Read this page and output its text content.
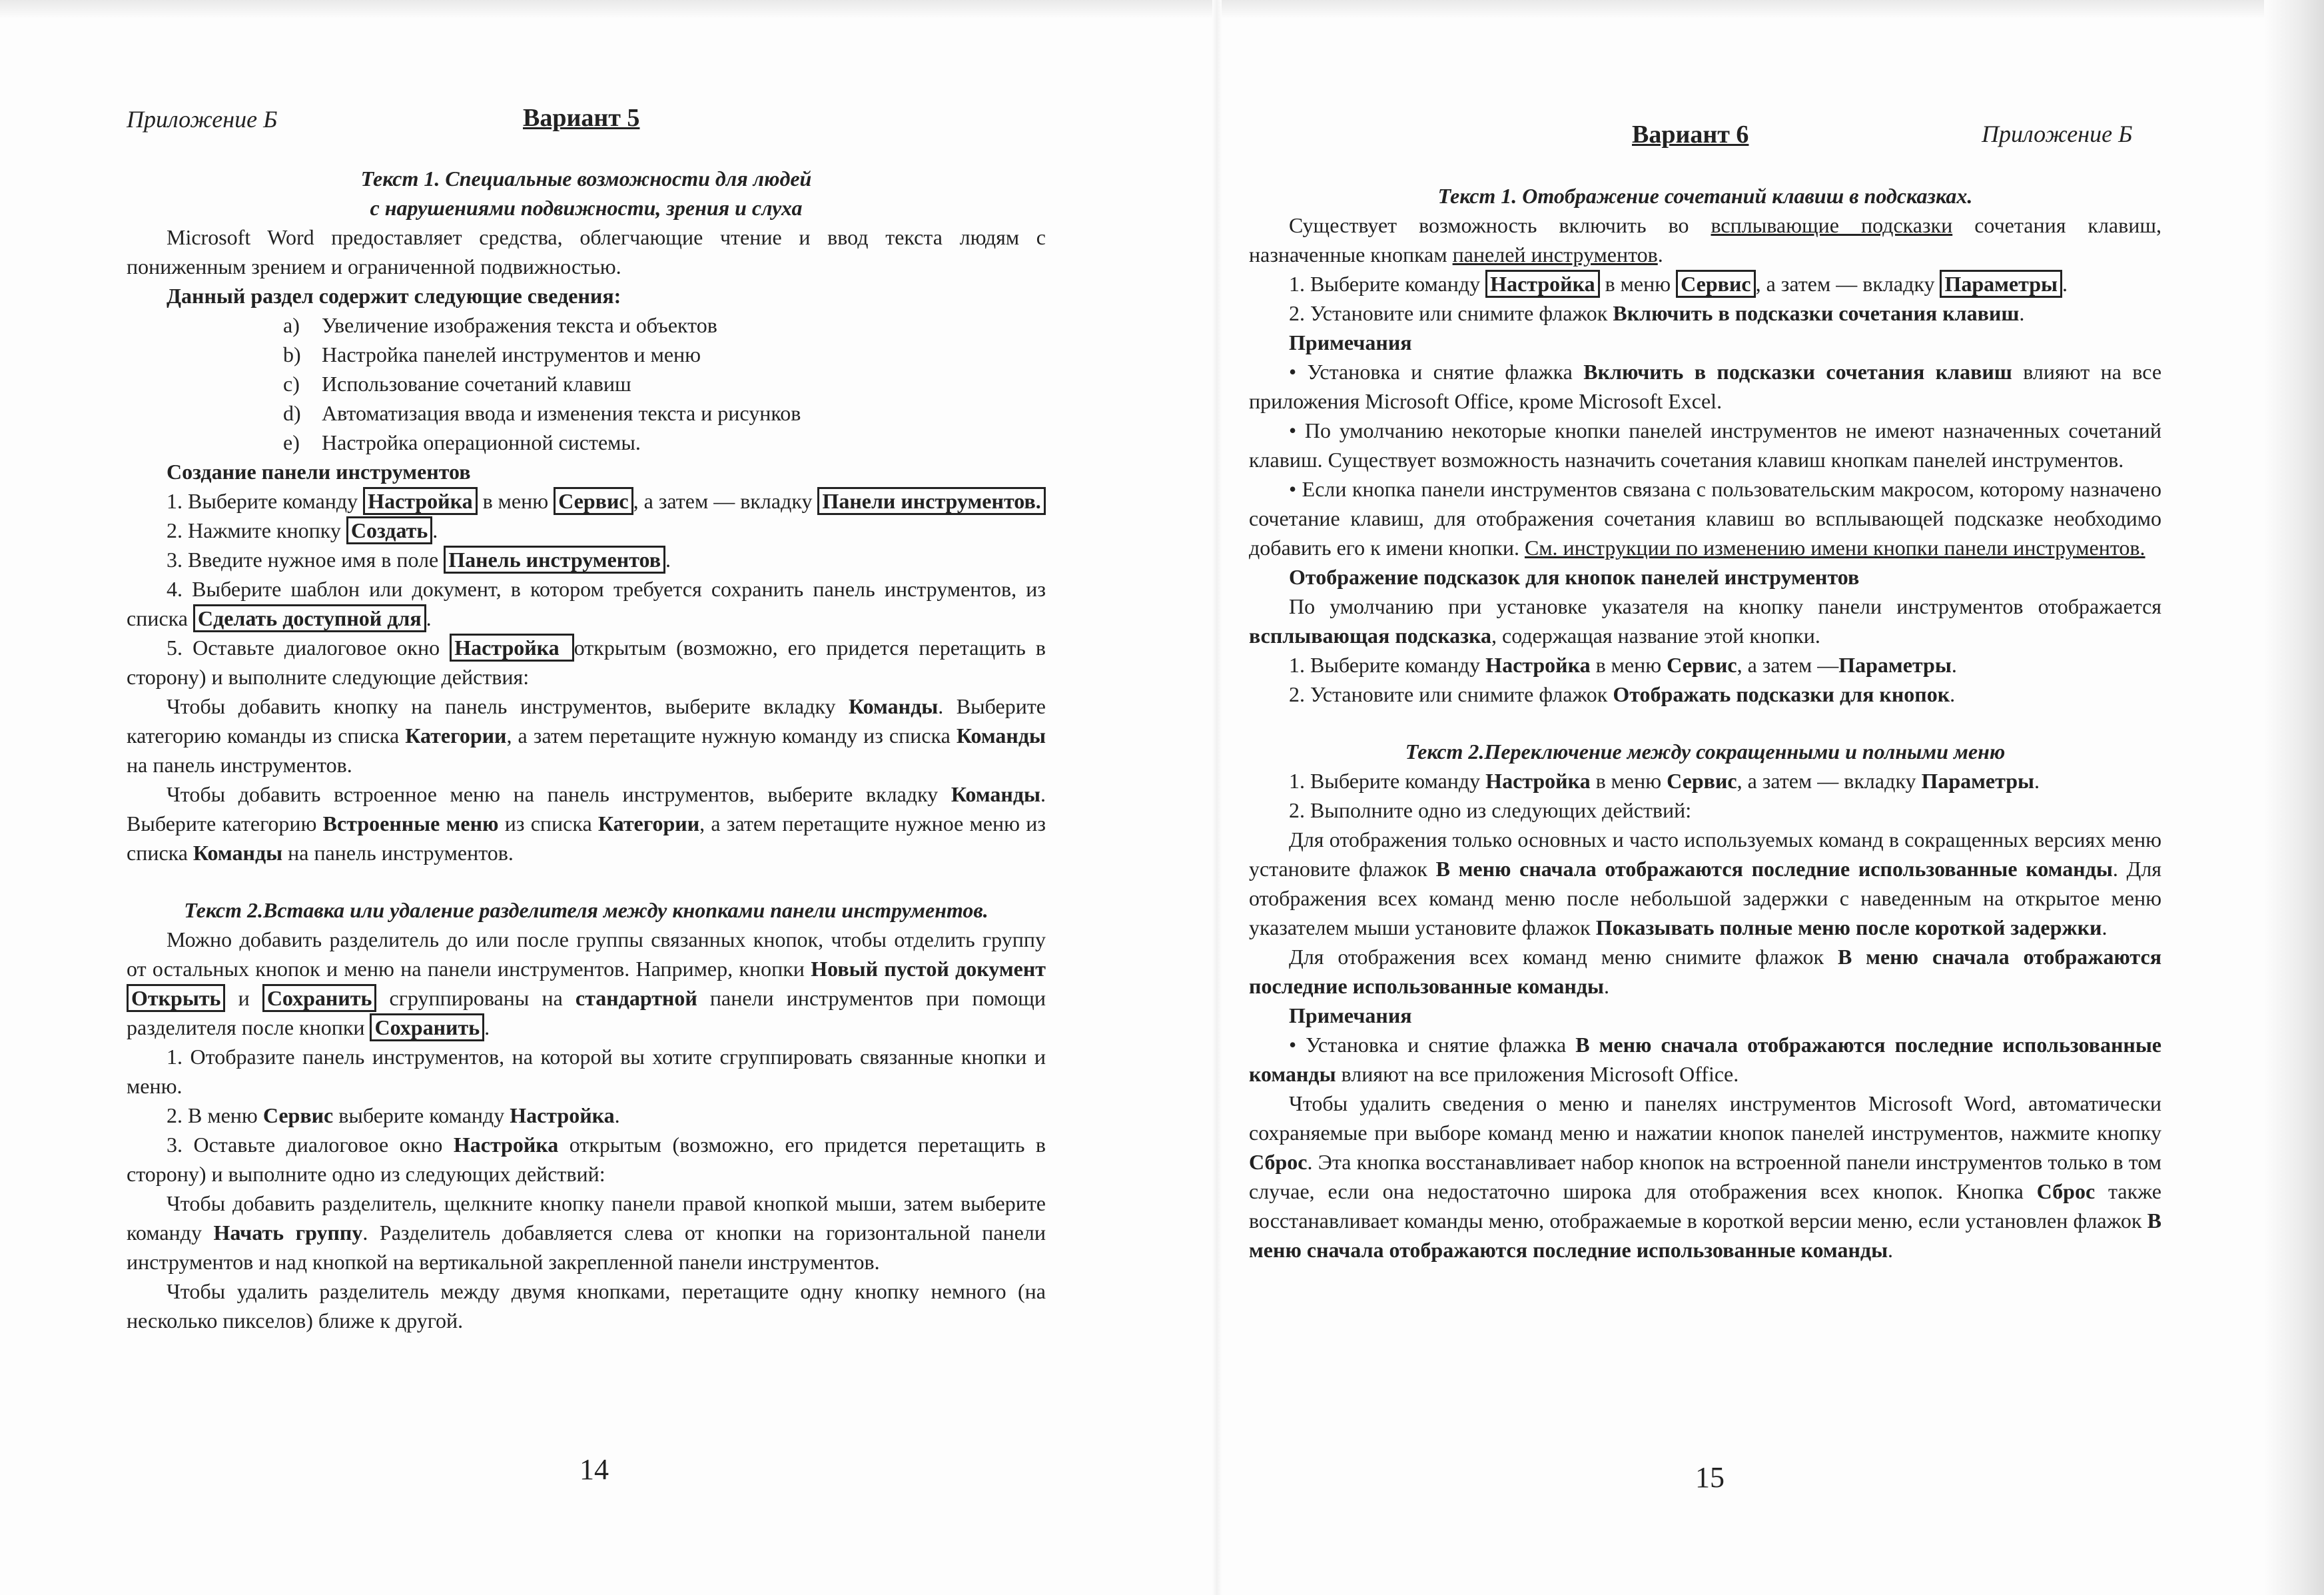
Приложение Б	Вариант 5

Текст 1. Специальные возможности для людей

с нарушениями подвижности, зрения и слуха

Microsoft Word предоставляет средства, облегчающие чтение и ввод текста людям с пониженным зрением и ограниченной подвижностью.

Данный раздел содержит следующие сведения:

a) Увеличение изображения текста и объектов

b) Настройка панелей инструментов и меню

c) Использование сочетаний клавиш

d) Автоматизация ввода и изменения текста и рисунков

e) Настройка операционной системы.

Создание панели инструментов

1. Выберите команду Настройка в меню Сервис , а затем — вкладку Панели инструментов.

2. Нажмите кнопку Создать .

3. Введите нужное имя в поле Панель инструментов .

4. Выберите шаблон или документ, в котором требуется сохранить панель инструментов, из списка Сделать доступной для .

5. Оставьте диалоговое окно Настройка открытым (возможно, его придется перетащить в сторону) и выполните следующие действия:

Чтобы добавить кнопку на панель инструментов, выберите вкладку Команды. Выберите категорию команды из списка Категории, а затем перетащите нужную команду из списка Команды на панель инструментов.

Чтобы добавить встроенное меню на панель инструментов, выберите вкладку Команды. Выберите категорию Встроенные меню из списка Категории, а затем перетащите нужное меню из списка Команды на панель инструментов.

Текст 2.Вставка или удаление разделителя между кнопками панели инструментов.

Можно добавить разделитель до или после группы связанных кнопок, чтобы отделить группу от остальных кнопок и меню на панели инструментов. Например, кнопки Новый пустой документ Открыть и Сохранить сгруппированы на стандартной панели инструментов при помощи разделителя после кнопки Сохранить .

1. Отобразите панель инструментов, на которой вы хотите сгруппировать связанные кнопки и меню.

2. В меню Сервис выберите команду Настройка.

3. Оставьте диалоговое окно Настройка открытым (возможно, его придется перетащить в сторону) и выполните одно из следующих действий:

Чтобы добавить разделитель, щелкните кнопку панели правой кнопкой мыши, затем выберите команду Начать группу. Разделитель добавляется слева от кнопки на горизонтальной панели инструментов и над кнопкой на вертикальной закрепленной панели инструментов.

Чтобы удалить разделитель между двумя кнопками, перетащите одну кнопку немного (на несколько пикселов) ближе к другой.

14
Вариант 6	Приложение Б

Текст 1. Отображение сочетаний клавиш в подсказках.

Существует возможность включить во всплывающие подсказки сочетания клавиш, назначенные кнопкам панелей инструментов.

1. Выберите команду Настройка в меню Сервис , а затем — вкладку Параметры .

2. Установите или снимите флажок Включить в подсказки сочетания клавиш.

Примечания

• Установка и снятие флажка Включить в подсказки сочетания клавиш влияют на все приложения Microsoft Office, кроме Microsoft Excel.

• По умолчанию некоторые кнопки панелей инструментов не имеют назначенных сочетаний клавиш. Существует возможность назначить сочетания клавиш кнопкам панелей инструментов.

• Если кнопка панели инструментов связана с пользовательским макросом, которому назначено сочетание клавиш, для отображения сочетания клавиш во всплывающей подсказке необходимо добавить его к имени кнопки. См. инструкции по изменению имени кнопки панели инструментов.

Отображение подсказок для кнопок панелей инструментов

По умолчанию при установке указателя на кнопку панели инструментов отображается всплывающая подсказка, содержащая название этой кнопки.

1. Выберите команду Настройка в меню Сервис, а затем —Параметры.

2. Установите или снимите флажок Отображать подсказки для кнопок.

Текст 2.Переключение между сокращенными и полными меню

1. Выберите команду Настройка в меню Сервис, а затем — вкладку Параметры.

2. Выполните одно из следующих действий:

Для отображения только основных и часто используемых команд в сокращенных версиях меню установите флажок В меню сначала отображаются последние использованные команды. Для отображения всех команд меню после небольшой задержки с наведенным на открытое меню указателем мыши установите флажок Показывать полные меню после короткой задержки.

Для отображения всех команд меню снимите флажок В меню сначала отображаются последние использованные команды.

Примечания

• Установка и снятие флажка В меню сначала отображаются последние использованные команды влияют на все приложения Microsoft Office.

Чтобы удалить сведения о меню и панелях инструментов Microsoft Word, автоматически сохраняемые при выборе команд меню и нажатии кнопок панелей инструментов, нажмите кнопку Сброс. Эта кнопка восстанавливает набор кнопок на встроенной панели инструментов только в том случае, если она недостаточно широка для отображения всех кнопок. Кнопка Сброс также восстанавливает команды меню, отображаемые в короткой версии меню, если установлен флажок В меню сначала отображаются последние использованные команды.

15
